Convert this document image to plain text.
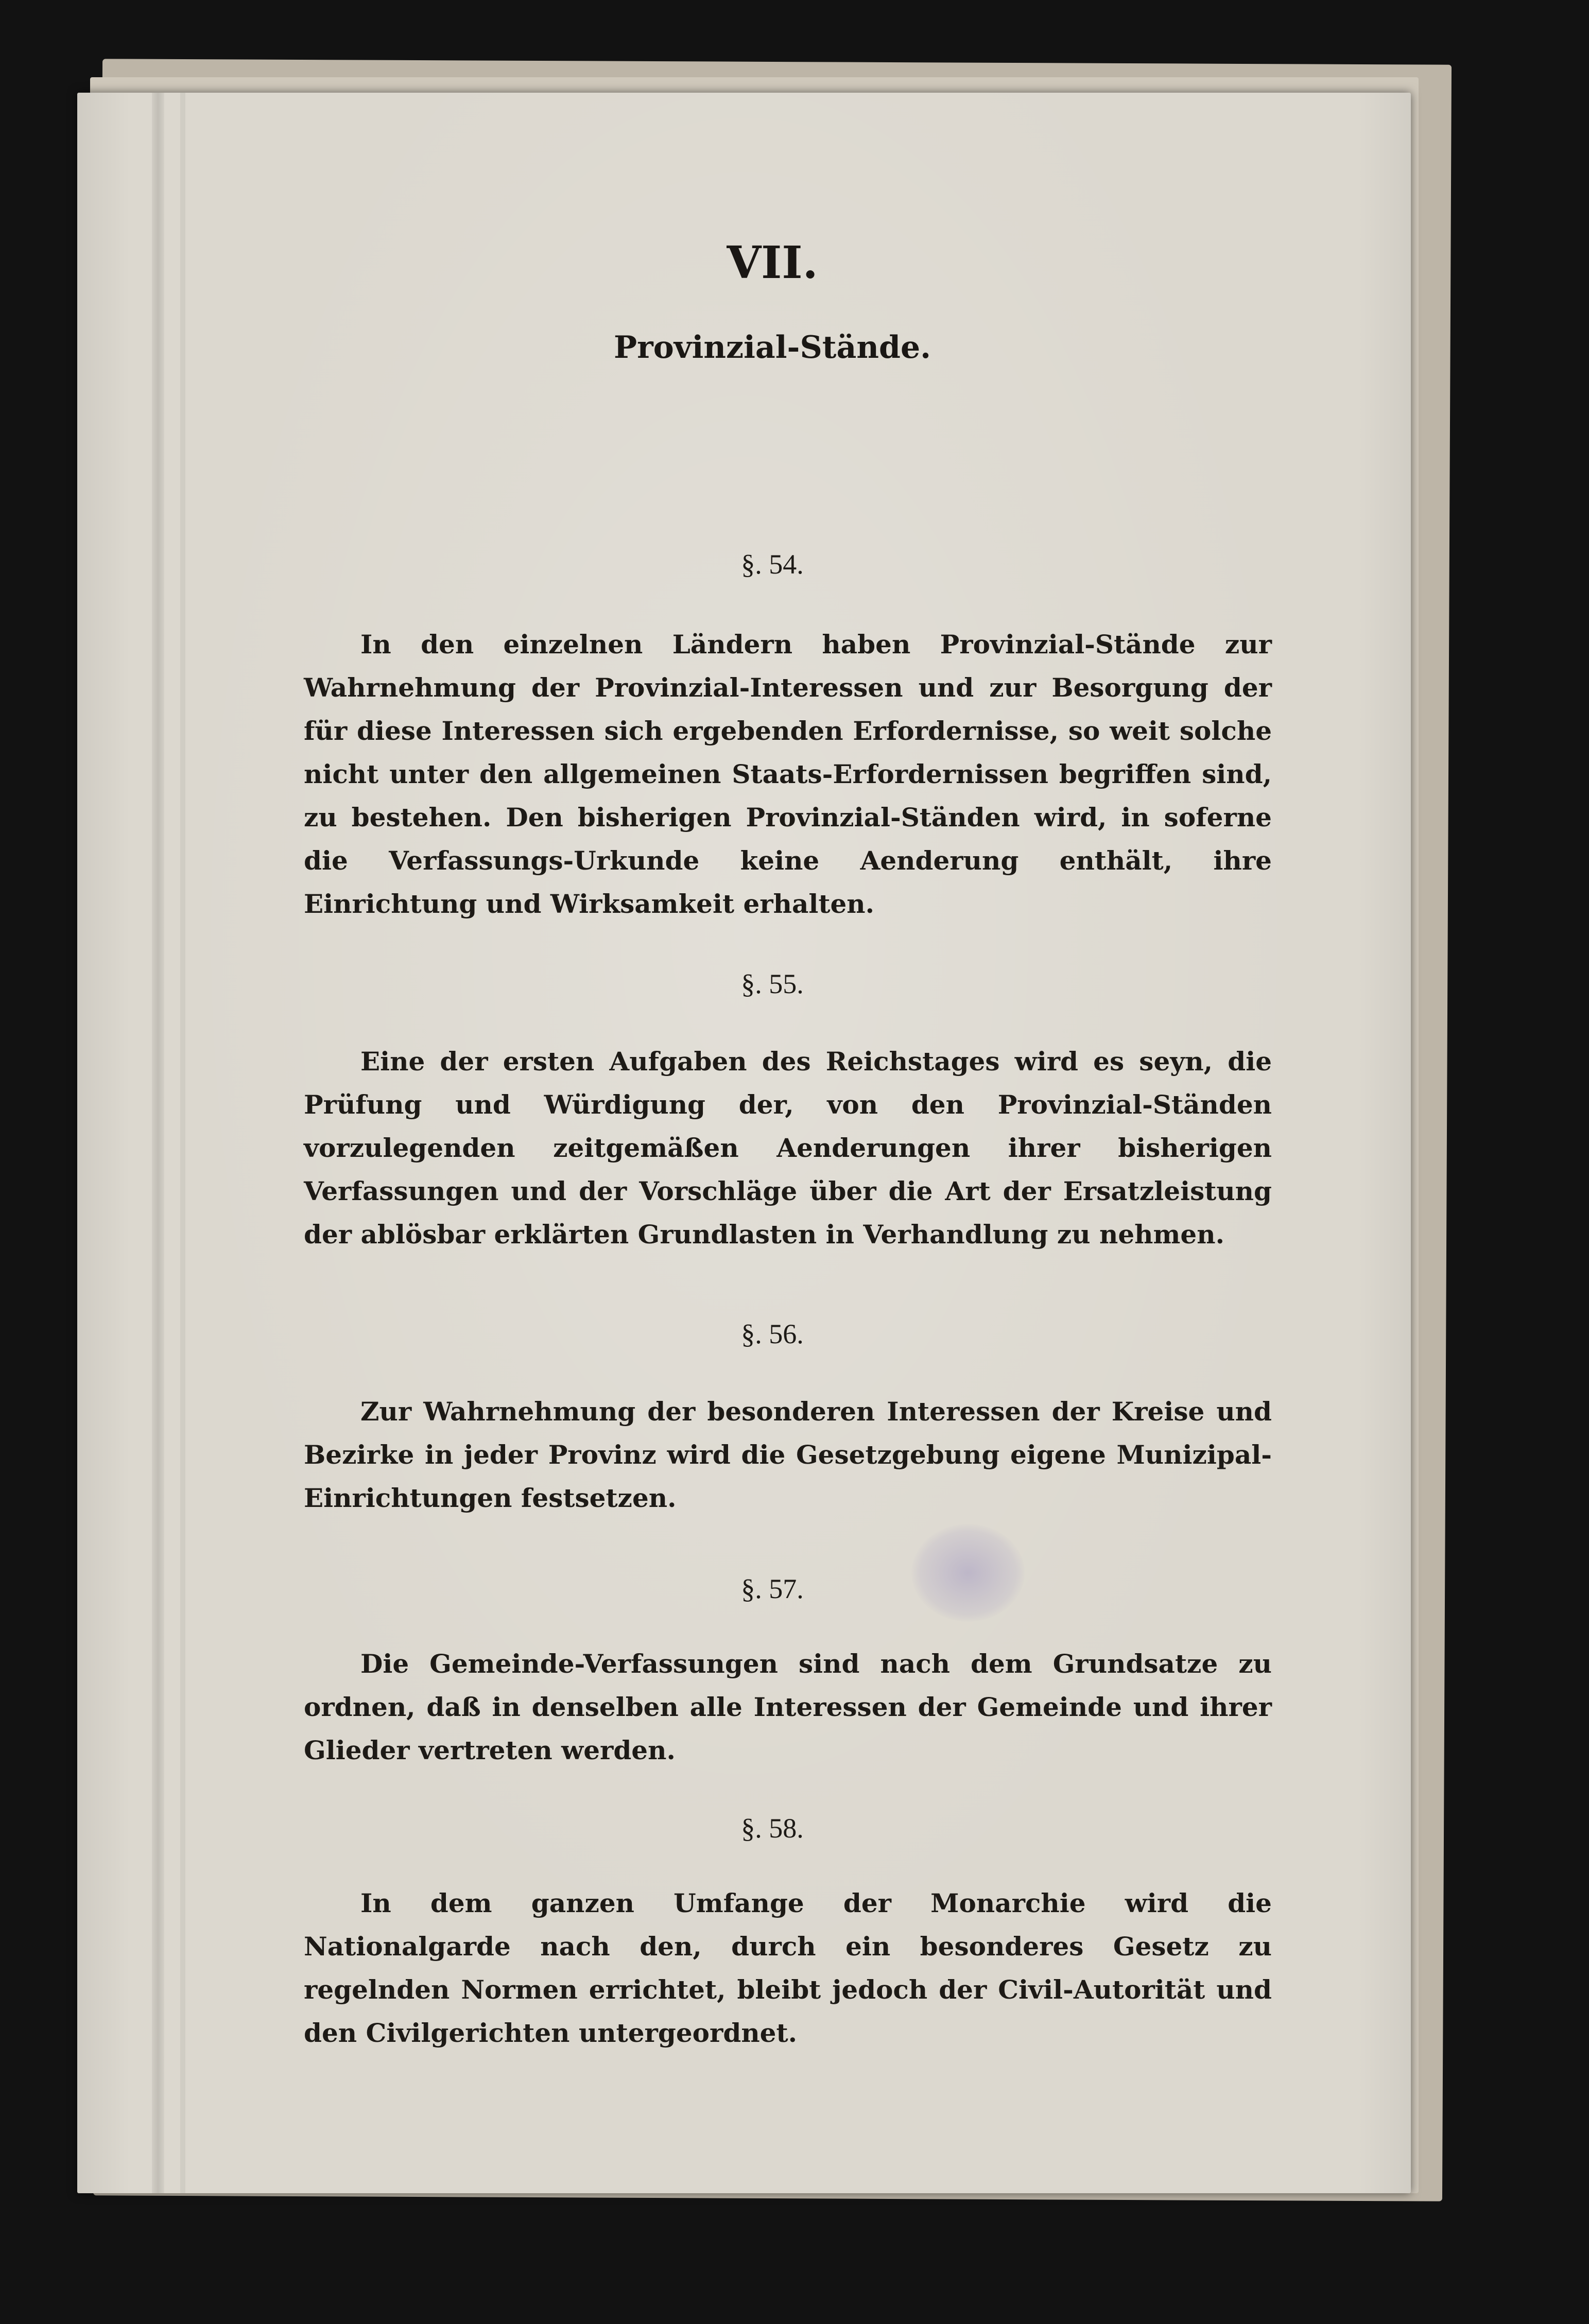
VII.
Provinzial-Stände.
§. 54.
In den einzelnen Ländern haben Provinzial-Stände zur Wahrnehmung der Provinzial-Interessen und zur Besorgung der für diese Interessen sich ergebenden Erfordernisse, so weit solche nicht unter den allgemeinen Staats-Erfordernissen begriffen sind, zu bestehen. Den bisherigen Provinzial-Ständen wird, in soferne die Verfassungs-Urkunde keine Aenderung enthält, ihre Einrichtung und Wirksamkeit erhalten.
§. 55.
Eine der ersten Aufgaben des Reichstages wird es seyn, die Prüfung und Würdigung der, von den Provinzial-Ständen vorzulegenden zeitgemäßen Aenderungen ihrer bisherigen Verfassungen und der Vorschläge über die Art der Ersatzleistung der ablösbar erklärten Grundlasten in Verhandlung zu nehmen.
§. 56.
Zur Wahrnehmung der besonderen Interessen der Kreise und Bezirke in jeder Provinz wird die Gesetzgebung eigene Munizipal-Einrichtungen festsetzen.
§. 57.
Die Gemeinde-Verfassungen sind nach dem Grundsatze zu ordnen, daß in denselben alle Interessen der Gemeinde und ihrer Glieder vertreten werden.
§. 58.
In dem ganzen Umfange der Monarchie wird die Nationalgarde nach den, durch ein besonderes Gesetz zu regelnden Normen errichtet, bleibt jedoch der Civil-Autorität und den Civilgerichten untergeordnet.
